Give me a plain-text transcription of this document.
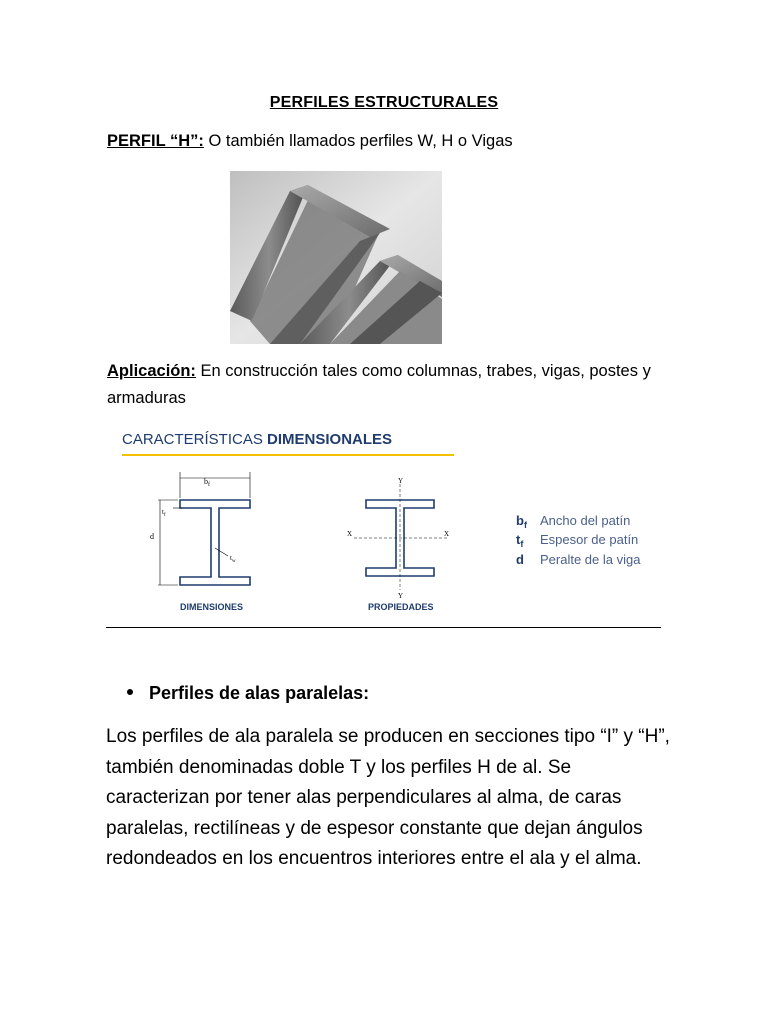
PERFILES ESTRUCTURALES
PERFIL “H”: O también llamados perfiles W, H o Vigas
Aplicación: En construcción tales como columnas, trabes, vigas, postes y armaduras
CARACTERÍSTICAS DIMENSIONALES
$b_f$
d
$t_f$
$t_w$
DIMENSIONES
Y
Y
X	X
PROPIEDADES
$b_f$ Ancho del patín
$t_f$ Espesor de patín
d Peralte de la viga
Perfiles de alas paralelas:
Los perfiles de ala paralela se producen en secciones tipo “I” y “H”, también denominadas doble T y los perfiles H de al. Se caracterizan por tener alas perpendiculares al alma, de caras paralelas, rectilíneas y de espesor constante que dejan ángulos redondeados en los encuentros interiores entre el ala y el alma.
